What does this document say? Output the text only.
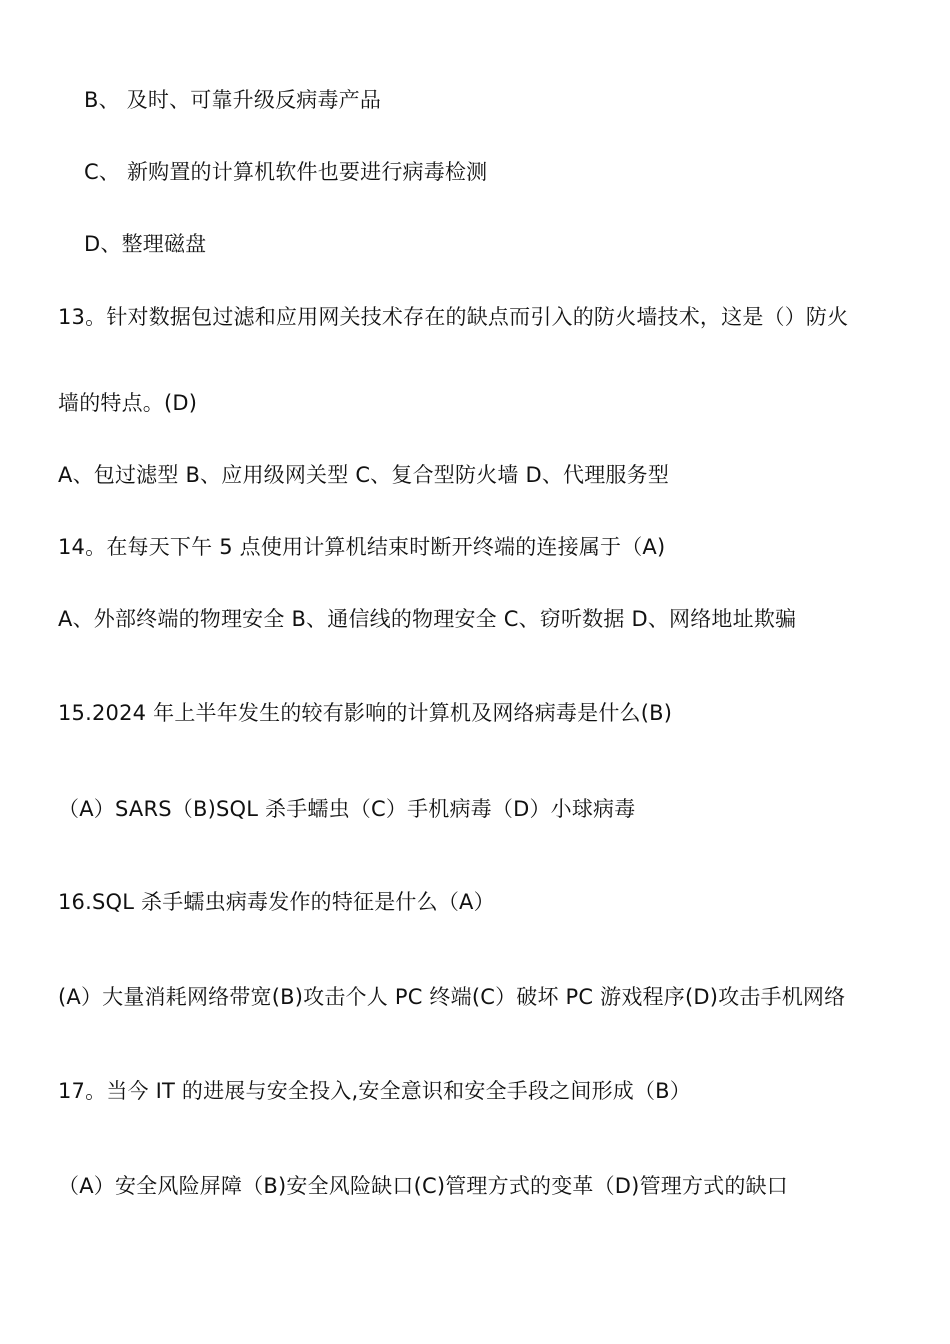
B、 及时、可靠升级反病毒产品
C、 新购置的计算机软件也要进行病毒检测
D、整理磁盘
13。针对数据包过滤和应用网关技术存在的缺点而引入的防火墙技术，这是（）防火
墙的特点。(D)
A、包过滤型 B、应用级网关型 C、复合型防火墙 D、代理服务型
14。在每天下午 5 点使用计算机结束时断开终端的连接属于（A)
A、外部终端的物理安全 B、通信线的物理安全 C、窃听数据 D、网络地址欺骗
15.2024 年上半年发生的较有影响的计算机及网络病毒是什么(B)
（A）SARS（B)SQL 杀手蠕虫（C）手机病毒（D）小球病毒
16.SQL 杀手蠕虫病毒发作的特征是什么（A）
(A）大量消耗网络带宽(B)攻击个人 PC 终端(C）破坏 PC 游戏程序(D)攻击手机网络
17。当今 IT 的进展与安全投入,安全意识和安全手段之间形成（B）
（A）安全风险屏障（B)安全风险缺口(C)管理方式的变革（D)管理方式的缺口
